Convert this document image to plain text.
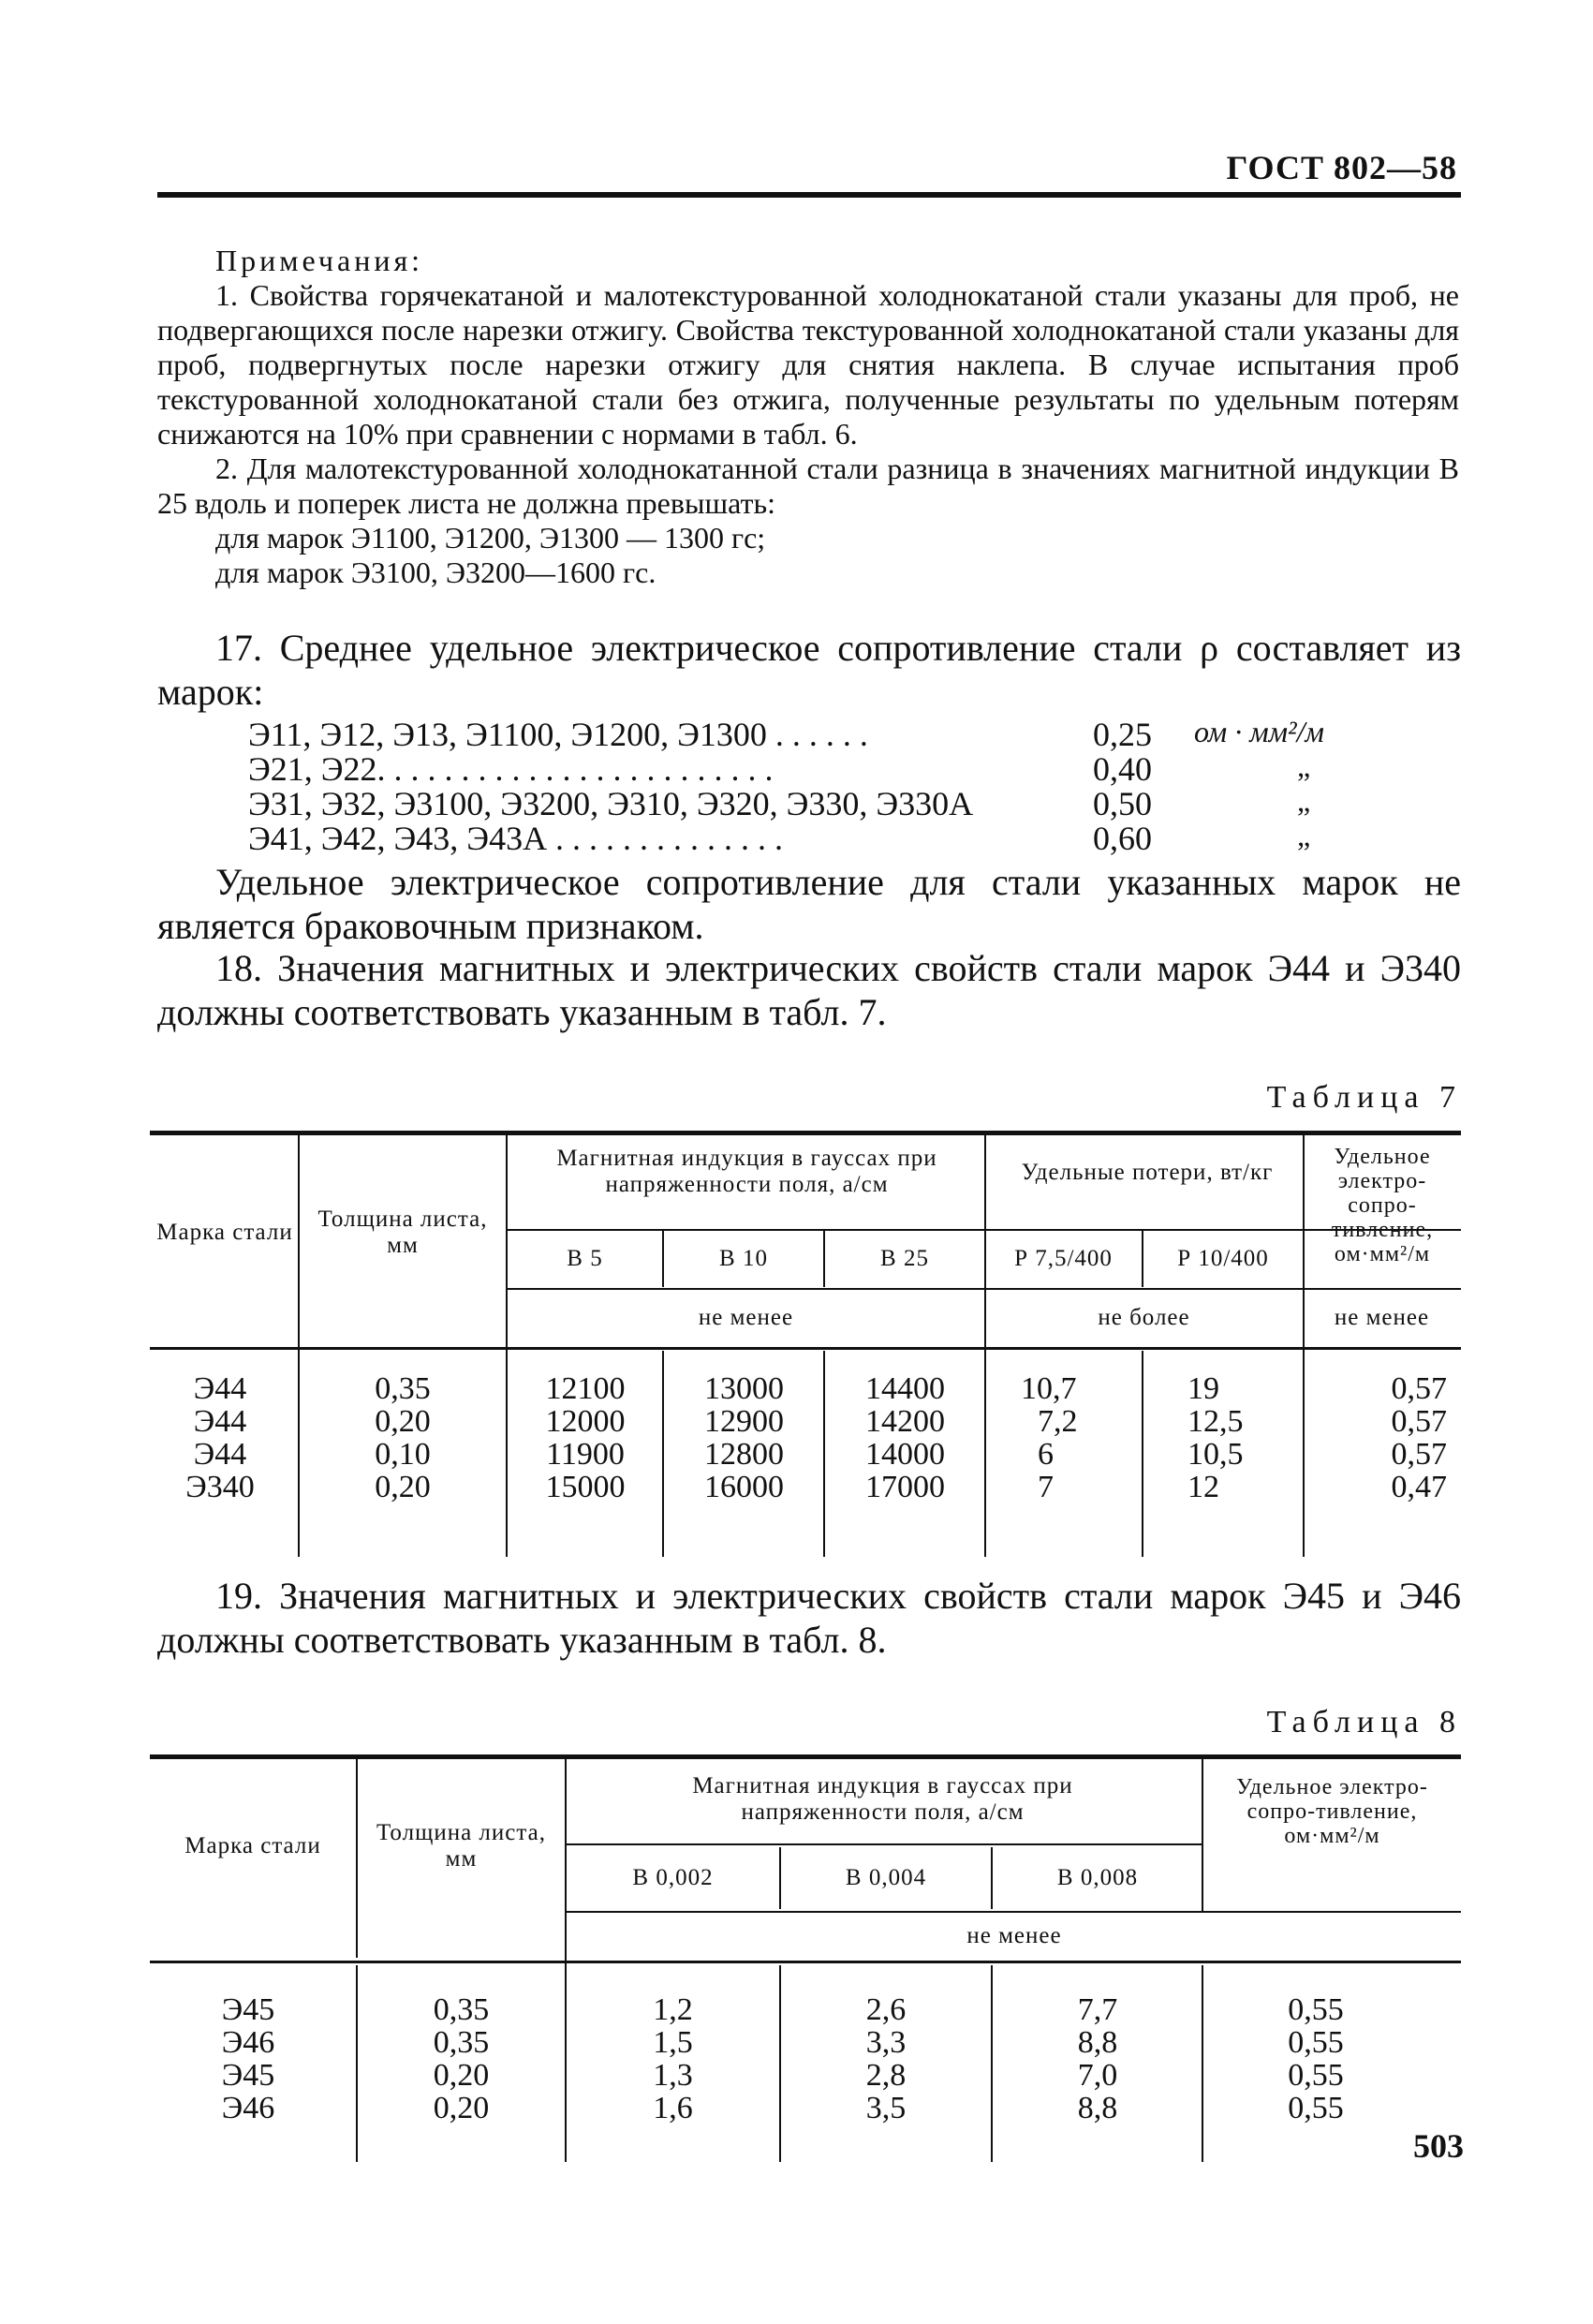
ГОСТ 802—58

Примечания:

1. Свойства горячекатаной и малотекстурованной холоднокатаной стали указаны для проб, не подвергающихся после нарезки отжигу. Свойства текстурованной холоднокатаной стали указаны для проб, подвергнутых после нарезки отжигу для снятия наклепа. В случае испытания проб текстурованной холоднокатаной стали без отжига, полученные результаты по удельным потерям снижаются на 10% при сравнении с нормами в табл. 6.

2. Для малотекстурованной холоднокатанной стали разница в значениях магнитной индукции В 25 вдоль и поперек листа не должна превышать:

для марок Э1100, Э1200, Э1300 — 1300 гс;

для марок Э3100, Э3200—1600 гс.

17. Среднее удельное электрическое сопротивление стали ρ составляет из марок:
Э11, Э12, Э13, Э1100, Э1200, Э1300 . . . . . .	0,25 ом · мм²/м
Э21, Э22. . . . . . . . . . . . . . . . . . . . . . . .	0,40	„
Э31, Э32, Э3100, Э3200, Э310, Э320, Э330, Э330А	0,50	„
Э41, Э42, Э43, Э43А . . . . . . . . . . . . . .	0,60	„
Удельное электрическое сопротивление для стали указанных марок не является браковочным признаком.
18. Значения магнитных и электрических свойств стали марок Э44 и Э340 должны соответствовать указанным в табл. 7.
Таблица 7
Марка стали
Толщина листа, мм
Магнитная индукция в гауссах при напряженности поля, а/см	Удельные потери, вт/кг
Удельное электро-сопро-тивление, ом·мм²/м
В 5	В 10	В 25	Р 7,5/400	Р 10/400
не менее	не более	не менее
Э44	0,35	12100	13000	14400	10,7	19	0,57
Э44	0,20	12000	12900	14200	7,2	12,5	0,57
Э44	0,10	11900	12800	14000	6	10,5	0,57
Э340	0,20	15000	16000	17000	7	12	0,47
19. Значения магнитных и электрических свойств стали марок Э45 и Э46 должны соответствовать указанным в табл. 8.
Таблица 8
Марка стали
Толщина листа, мм
Магнитная индукция в гауссах при напряженности поля, а/см
Удельное электро-сопро-тивление, ом·мм²/м
В 0,002	В 0,004	В 0,008
не менее
Э45	0,35	1,2	2,6	7,7	0,55
Э46	0,35	1,5	3,3	8,8	0,55
Э45	0,20	1,3	2,8	7,0	0,55
Э46	0,20	1,6	3,5	8,8	0,55
503
